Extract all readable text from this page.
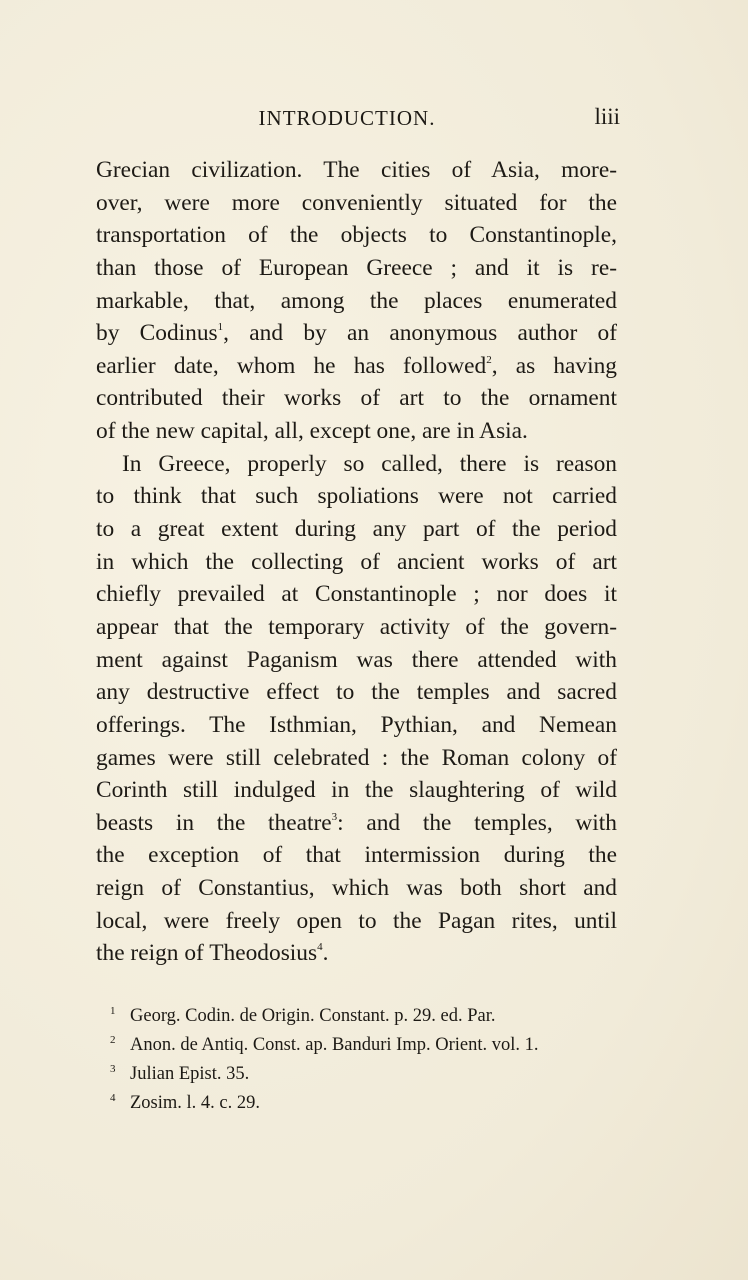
INTRODUCTION.	liii
Grecian civilization. The cities of Asia, more-
over, were more conveniently situated for the
transportation of the objects to Constantinople,
than those of European Greece ; and it is re-
markable, that, among the places enumerated
by Codinus$^1$, and by an anonymous author of
earlier date, whom he has followed$^2$, as having
contributed their works of art to the ornament
of the new capital, all, except one, are in Asia.
In Greece, properly so called, there is reason
to think that such spoliations were not carried
to a great extent during any part of the period
in which the collecting of ancient works of art
chiefly prevailed at Constantinople ; nor does it
appear that the temporary activity of the govern-
ment against Paganism was there attended with
any destructive effect to the temples and sacred
offerings. The Isthmian, Pythian, and Nemean
games were still celebrated : the Roman colony of
Corinth still indulged in the slaughtering of wild
beasts in the theatre$^3$: and the temples, with
the exception of that intermission during the
reign of Constantius, which was both short and
local, were freely open to the Pagan rites, until
the reign of Theodosius$^4$.
1 Georg. Codin. de Origin. Constant. p. 29. ed. Par.
2 Anon. de Antiq. Const. ap. Banduri Imp. Orient. vol. 1.
3 Julian Epist. 35.
4 Zosim. l. 4. c. 29.
